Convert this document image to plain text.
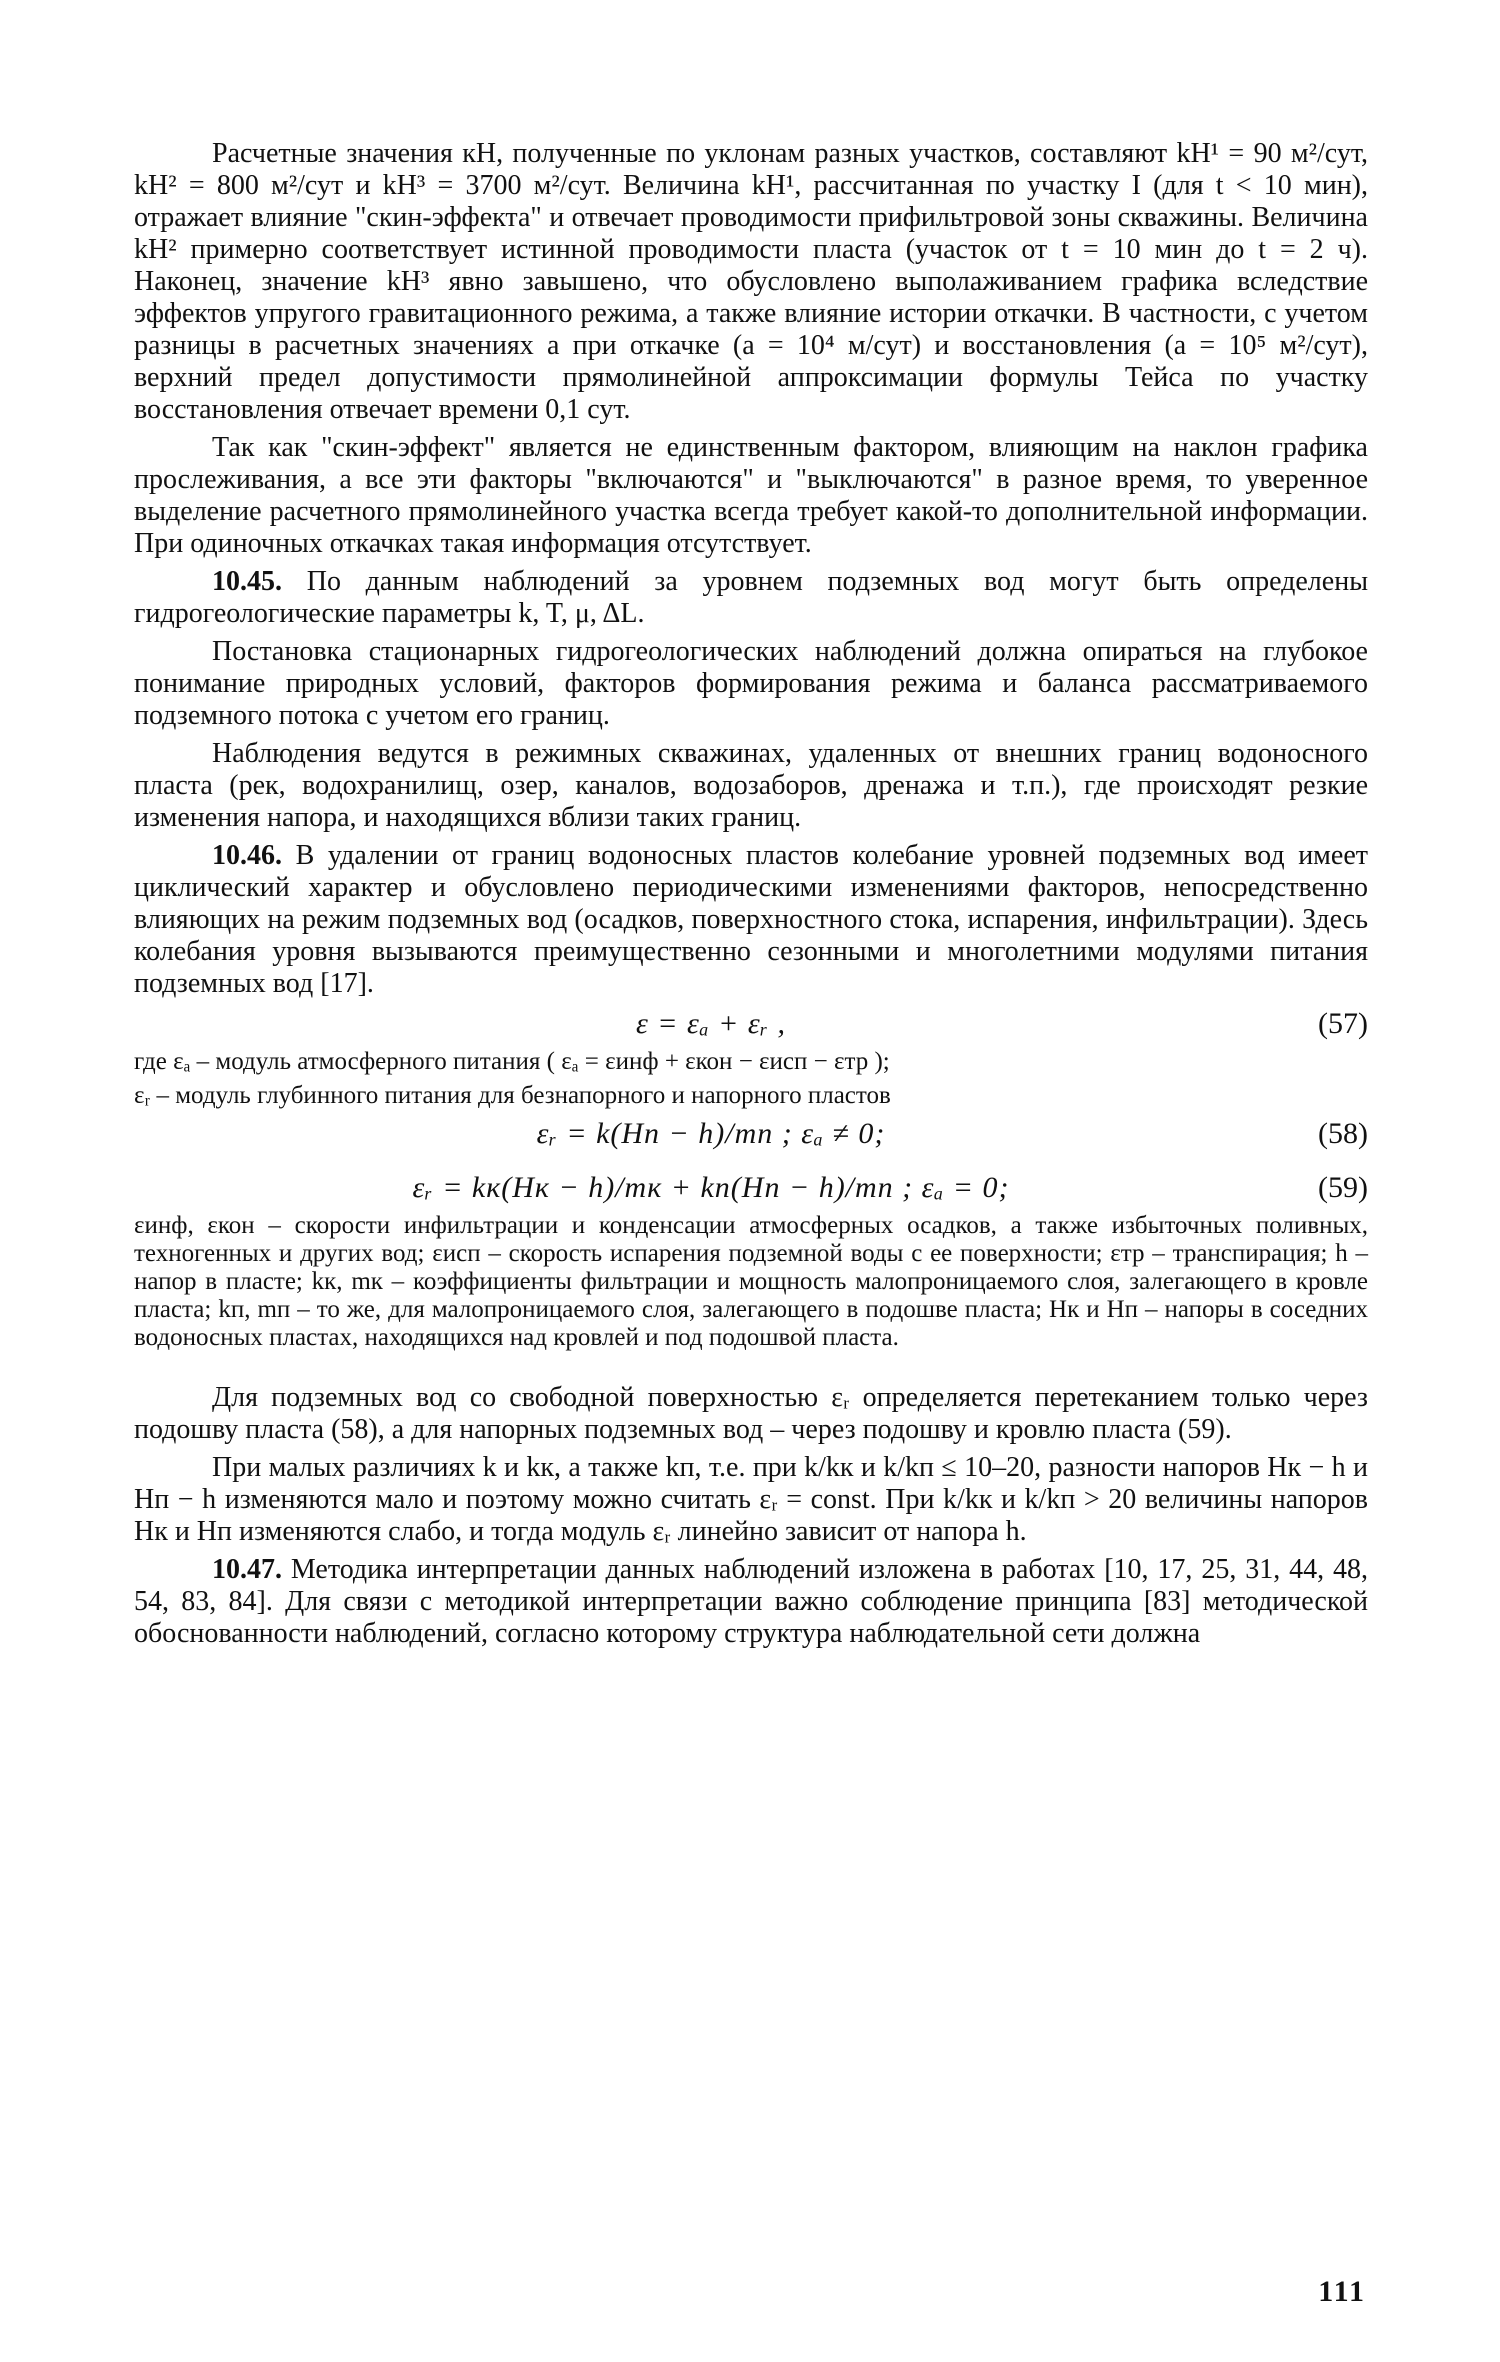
Расчетные значения кН, полученные по уклонам разных участков, составляют kH¹ = 90 м²/сут, kH² = 800 м²/сут и kH³ = 3700 м²/сут. Величина kH¹, рассчитанная по участку I (для t < 10 мин), отражает влияние "скин-эффекта" и отвечает проводимости прифильтровой зоны скважины. Величина kH² примерно соответствует истинной проводимости пласта (участок от t = 10 мин до t = 2 ч). Наконец, значение kH³ явно завышено, что обусловлено выполаживанием графика вследствие эффектов упругого гравитационного режима, а также влияние истории откачки. В частности, с учетом разницы в расчетных значениях a при откачке (a = 10⁴ м/сут) и восстановления (a = 10⁵ м²/сут), верхний предел допустимости прямолинейной аппроксимации формулы Тейса по участку восстановления отвечает времени 0,1 сут.

Так как "скин-эффект" является не единственным фактором, влияющим на наклон графика прослеживания, а все эти факторы "включаются" и "выключаются" в разное время, то уверенное выделение расчетного прямолинейного участка всегда требует какой-то дополнительной информации. При одиночных откачках такая информация отсутствует.

10.45. По данным наблюдений за уровнем подземных вод могут быть определены гидрогеологические параметры k, T, μ, ΔL.

Постановка стационарных гидрогеологических наблюдений должна опираться на глубокое понимание природных условий, факторов формирования режима и баланса рассматриваемого подземного потока с учетом его границ.

Наблюдения ведутся в режимных скважинах, удаленных от внешних границ водоносного пласта (рек, водохранилищ, озер, каналов, водозаборов, дренажа и т.п.), где происходят резкие изменения напора, и находящихся вблизи таких границ.

10.46. В удалении от границ водоносных пластов колебание уровней подземных вод имеет циклический характер и обусловлено периодическими изменениями факторов, непосредственно влияющих на режим подземных вод (осадков, поверхностного стока, испарения, инфильтрации). Здесь колебания уровня вызываются преимущественно сезонными и многолетними модулями питания подземных вод [17].

ε = εₐ + εᵣ ,	(57)

где εₐ – модуль атмосферного питания ( εₐ = εинф + εкон − εисп − εтр );

εᵣ – модуль глубинного питания для безнапорного и напорного пластов

εᵣ = k(Hп − h)/mп ; εₐ ≠ 0;	(58)
εᵣ = kк(Hк − h)/mк + kп(Hп − h)/mп ; εₐ = 0;	(59)

εинф, εкон – скорости инфильтрации и конденсации атмосферных осадков, а также избыточных поливных, техногенных и других вод; εисп – скорость испарения подземной воды с ее поверхности; εтр – транспирация; h – напор в пласте; kк, mк – коэффициенты фильтрации и мощность малопроницаемого слоя, залегающего в кровле пласта; kп, mп – то же, для малопроницаемого слоя, залегающего в подошве пласта; Hк и Hп – напоры в соседних водоносных пластах, находящихся над кровлей и под подошвой пласта.

Для подземных вод со свободной поверхностью εᵣ определяется перетеканием только через подошву пласта (58), а для напорных подземных вод – через подошву и кровлю пласта (59).

При малых различиях k и kк, а также kп, т.е. при k/kк и k/kп ≤ 10–20, разности напоров Hк − h и Hп − h изменяются мало и поэтому можно считать εᵣ = const. При k/kк и k/kп > 20 величины напоров Hк и Hп изменяются слабо, и тогда модуль εᵣ линейно зависит от напора h.

10.47. Методика интерпретации данных наблюдений изложена в работах [10, 17, 25, 31, 44, 48, 54, 83, 84]. Для связи с методикой интерпретации важно соблюдение принципа [83] методической обоснованности наблюдений, согласно которому структура наблюдательной сети должна

111
